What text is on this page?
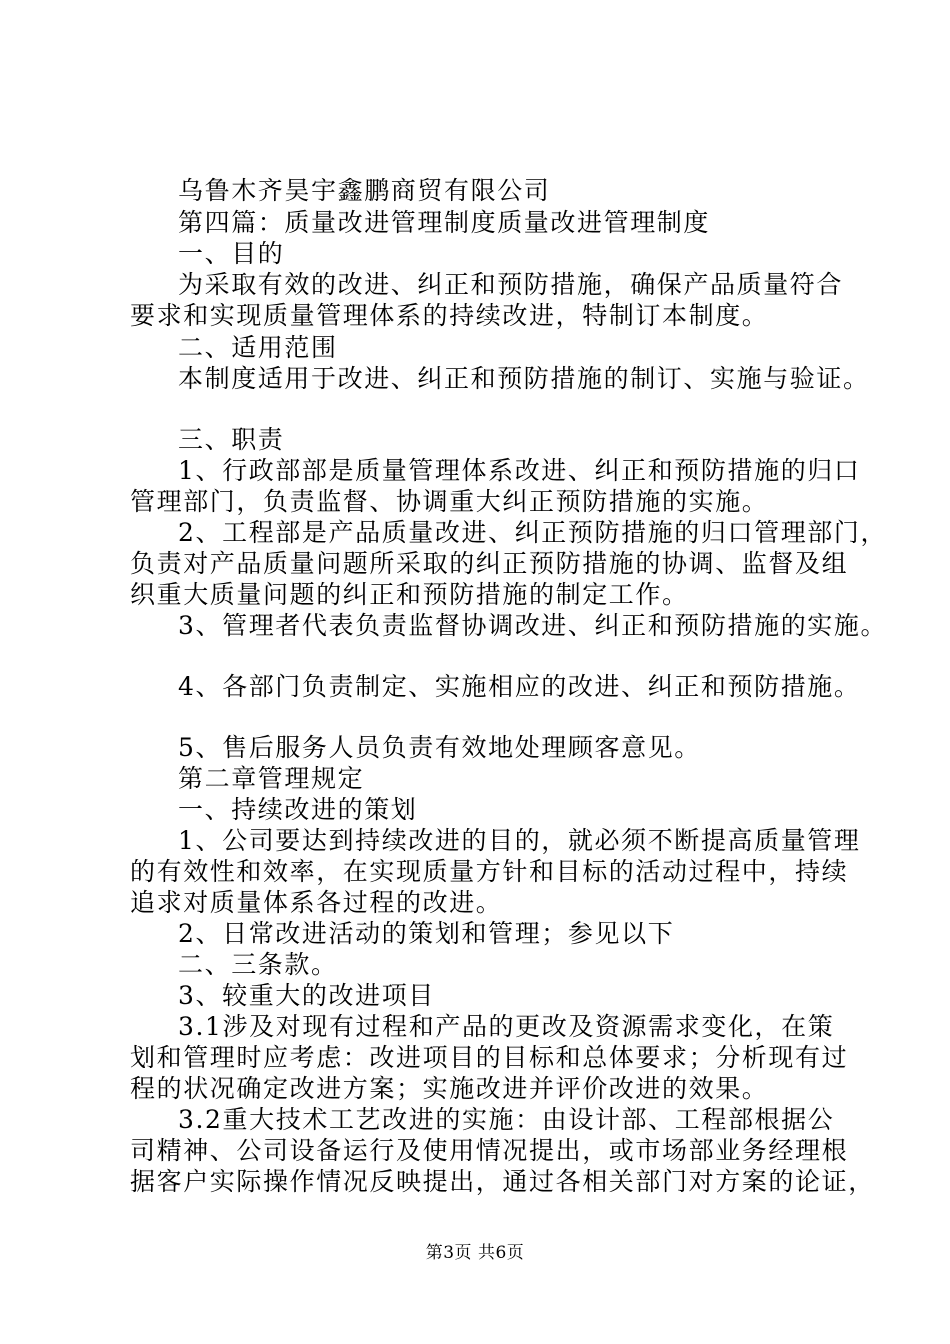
乌鲁木齐昊宇鑫鹏商贸有限公司
第四篇：质量改进管理制度质量改进管理制度
一、目的
为采取有效的改进、纠正和预防措施，确保产品质量符合
要求和实现质量管理体系的持续改进，特制订本制度。
二、适用范围
本制度适用于改进、纠正和预防措施的制订、实施与验证。
三、职责
1、行政部部是质量管理体系改进、纠正和预防措施的归口
管理部门，负责监督、协调重大纠正预防措施的实施。
2、工程部是产品质量改进、纠正预防措施的归口管理部门，
负责对产品质量问题所采取的纠正预防措施的协调、监督及组
织重大质量问题的纠正和预防措施的制定工作。
3、管理者代表负责监督协调改进、纠正和预防措施的实施。
4、各部门负责制定、实施相应的改进、纠正和预防措施。
5、售后服务人员负责有效地处理顾客意见。
第二章管理规定
一、持续改进的策划
1、公司要达到持续改进的目的，就必须不断提高质量管理
的有效性和效率，在实现质量方针和目标的活动过程中，持续
追求对质量体系各过程的改进。
2、日常改进活动的策划和管理；参见以下
二、三条款。
3、较重大的改进项目
3.1涉及对现有过程和产品的更改及资源需求变化，在策
划和管理时应考虑：改进项目的目标和总体要求；分析现有过
程的状况确定改进方案；实施改进并评价改进的效果。
3.2重大技术工艺改进的实施：由设计部、工程部根据公
司精神、公司设备运行及使用情况提出，或市场部业务经理根
据客户实际操作情况反映提出，通过各相关部门对方案的论证，
第3页 共6页
